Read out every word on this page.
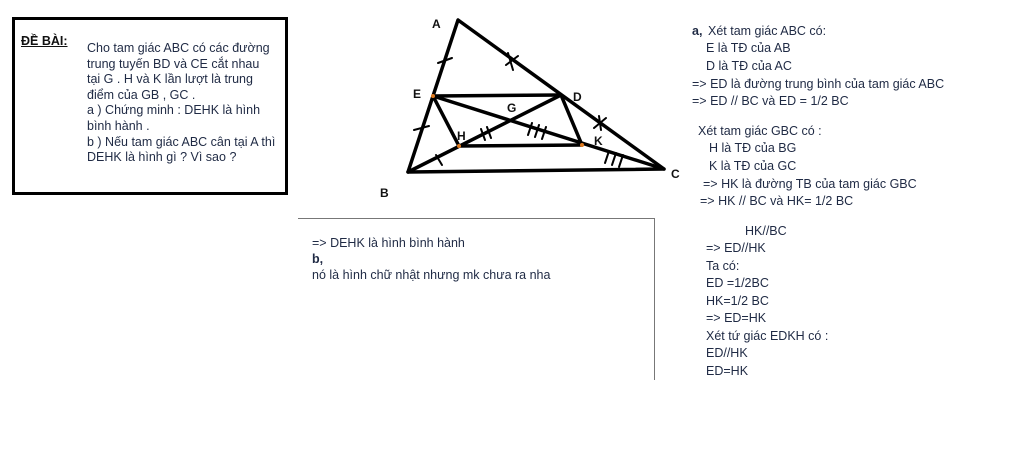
ĐỀ BÀI: Cho tam giác ABC có các đường
trung tuyến BD và CE cắt nhau
tại G . H và K lần lượt là trung
điểm của GB , GC .
a ) Chứng minh : DEHK là hình
bình hành .
b ) Nếu tam giác ABC cân tại A thì
DEHK là hình gì ? Vì sao ?
A
B
C
D
E
G
H	K
=> DEHK là hình bình hành
b,
nó là hình chữ nhật nhưng mk chưa ra nha
a, Xét tam giác ABC có:
E là TĐ của AB
D là TĐ của AC
=> ED là đường trung bình của tam giác ABC
=> ED // BC và ED = 1/2 BC
Xét tam giác GBC có :
H là TĐ của BG
K là TĐ của GC
=> HK là đường TB của tam giác GBC
=> HK // BC và HK= 1/2 BC
HK//BC
=> ED//HK
Ta có:
ED =1/2BC
HK=1/2 BC
=> ED=HK
Xét tứ giác EDKH có :
ED//HK
ED=HK
